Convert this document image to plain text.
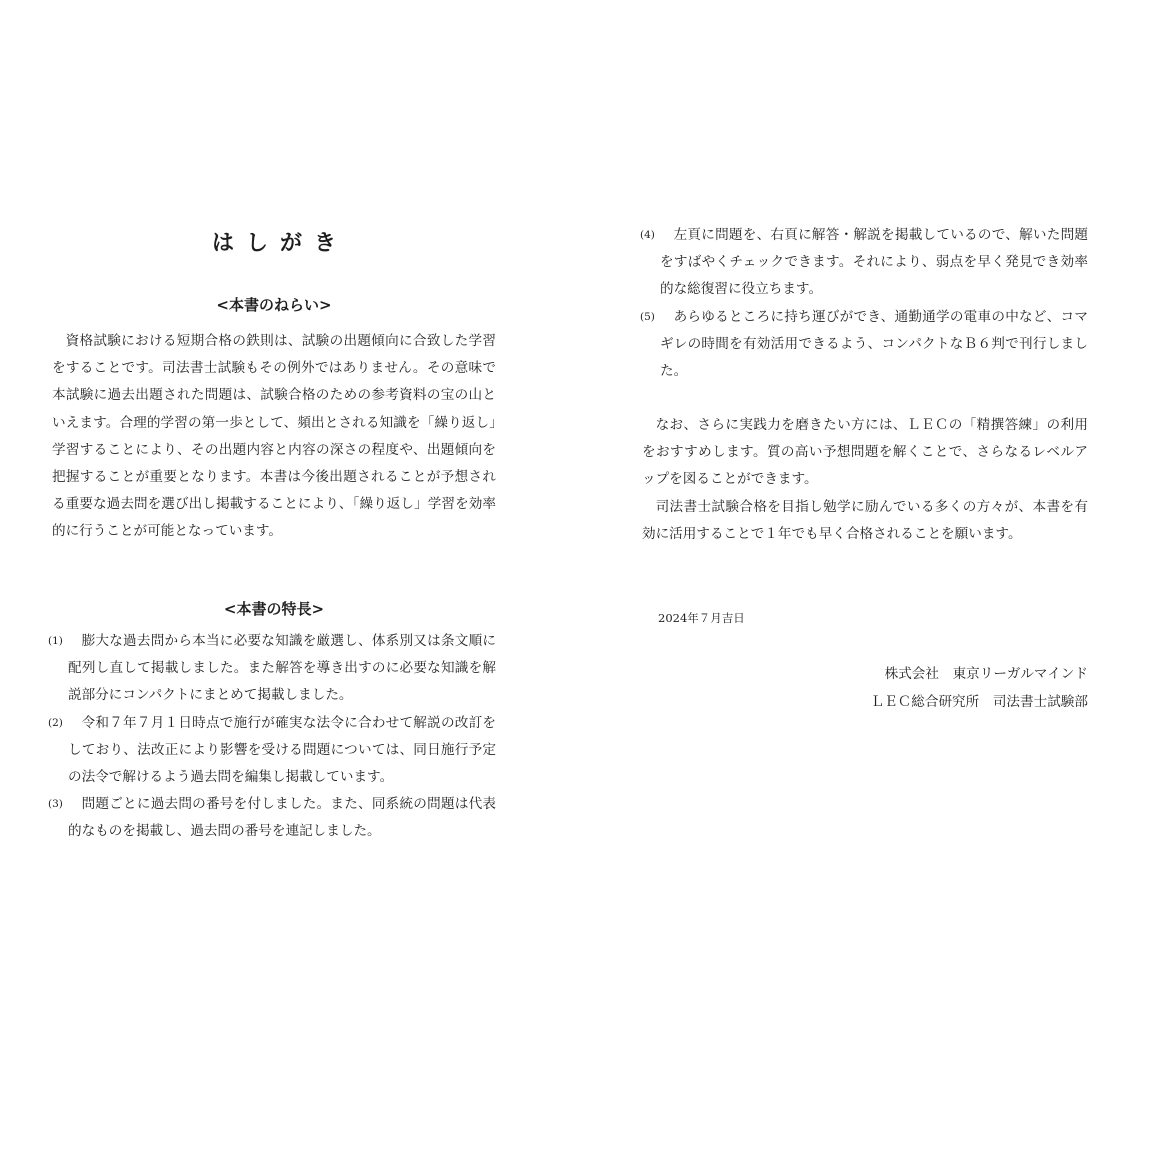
はしがき
<本書のねらい>

資格試験における短期合格の鉄則は、試験の出題傾向に合致した学習をすることです。司法書士試験もその例外ではありません。その意味で本試験に過去出題された問題は、試験合格のための参考資料の宝の山といえます。合理的学習の第一歩として、頻出とされる知識を「繰り返し」学習することにより、その出題内容と内容の深さの程度や、出題傾向を把握することが重要となります。本書は今後出題されることが予想される重要な過去問を選び出し掲載することにより、「繰り返し」学習を効率的に行うことが可能となっています。

<本書の特長>
(1)	膨大な過去問から本当に必要な知識を厳選し、体系別又は条文順に配列し直して掲載しました。また解答を導き出すのに必要な知識を解説部分にコンパクトにまとめて掲載しました。
(2)	令和７年７月１日時点で施行が確実な法令に合わせて解説の改訂をしており、法改正により影響を受ける問題については、同日施行予定の法令で解けるよう過去問を編集し掲載しています。
(3)	問題ごとに過去問の番号を付しました。また、同系統の問題は代表的なものを掲載し、過去問の番号を連記しました。
(4)	左頁に問題を、右頁に解答・解説を掲載しているので、解いた問題をすばやくチェックできます。それにより、弱点を早く発見でき効率的な総復習に役立ちます。
(5)	あらゆるところに持ち運びができ、通勤通学の電車の中など、コマギレの時間を有効活用できるよう、コンパクトなＢ６判で刊行しました。

なお、さらに実践力を磨きたい方には、ＬＥＣの「精撰答練」の利用をおすすめします。質の高い予想問題を解くことで、さらなるレベルアップを図ることができます。

司法書士試験合格を目指し勉学に励んでいる多くの方々が、本書を有効に活用することで１年でも早く合格されることを願います。

2024年７月吉日

株式会社　東京リーガルマインド
ＬＥＣ総合研究所　司法書士試験部
